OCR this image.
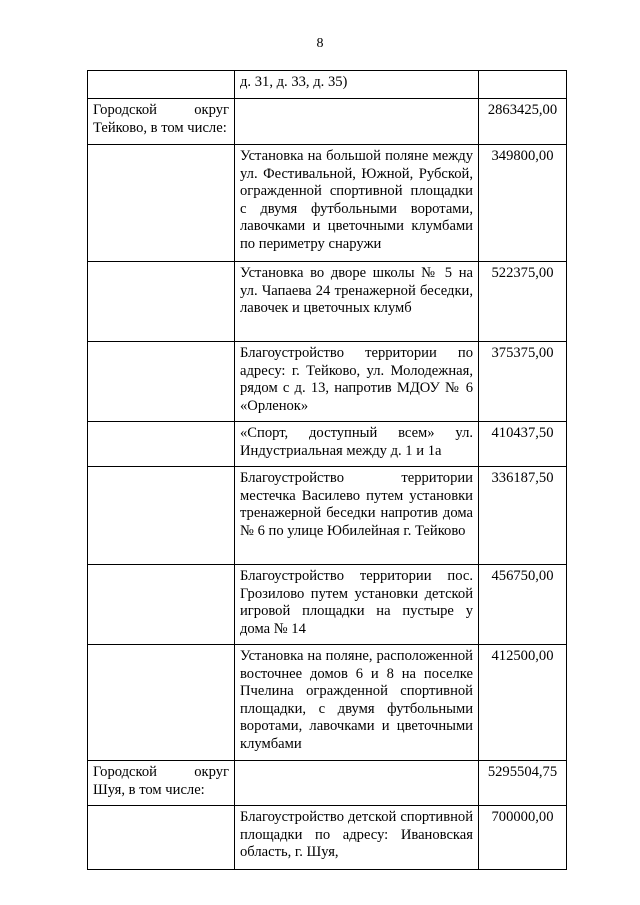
8
	д. 31, д. 33, д. 35)	
Городской округ Тейково, в том числе:		2863425,00
	Установка на большой поляне между ул. Фестивальной, Южной, Рубской, огражденной спортивной площадки с двумя футбольными воротами, лавочками и цветочными клумбами по периметру снаружи	349800,00
	Установка во дворе школы № 5 на ул. Чапаева 24 тренажерной беседки, лавочек и цветочных клумб	522375,00
	Благоустройство территории по адресу: г. Тейково, ул. Молодежная, рядом с д. 13, напротив МДОУ № 6 «Орленок»	375375,00
	«Спорт, доступный всем» ул. Индустриальная между д. 1 и 1а	410437,50
	Благоустройство территории местечка Василево путем установки тренажерной беседки напротив дома № 6 по улице Юбилейная г. Тейково	336187,50
	Благоустройство территории пос. Грозилово путем установки детской игровой площадки на пустыре у дома № 14	456750,00
	Установка на поляне, расположенной восточнее домов 6 и 8 на поселке Пчелина огражденной спортивной площадки, с двумя футбольными воротами, лавочками и цветочными клумбами	412500,00
Городской округ Шуя, в том числе:		5295504,75
	Благоустройство детской спортивной площадки по адресу: Ивановская область, г. Шуя,	700000,00
